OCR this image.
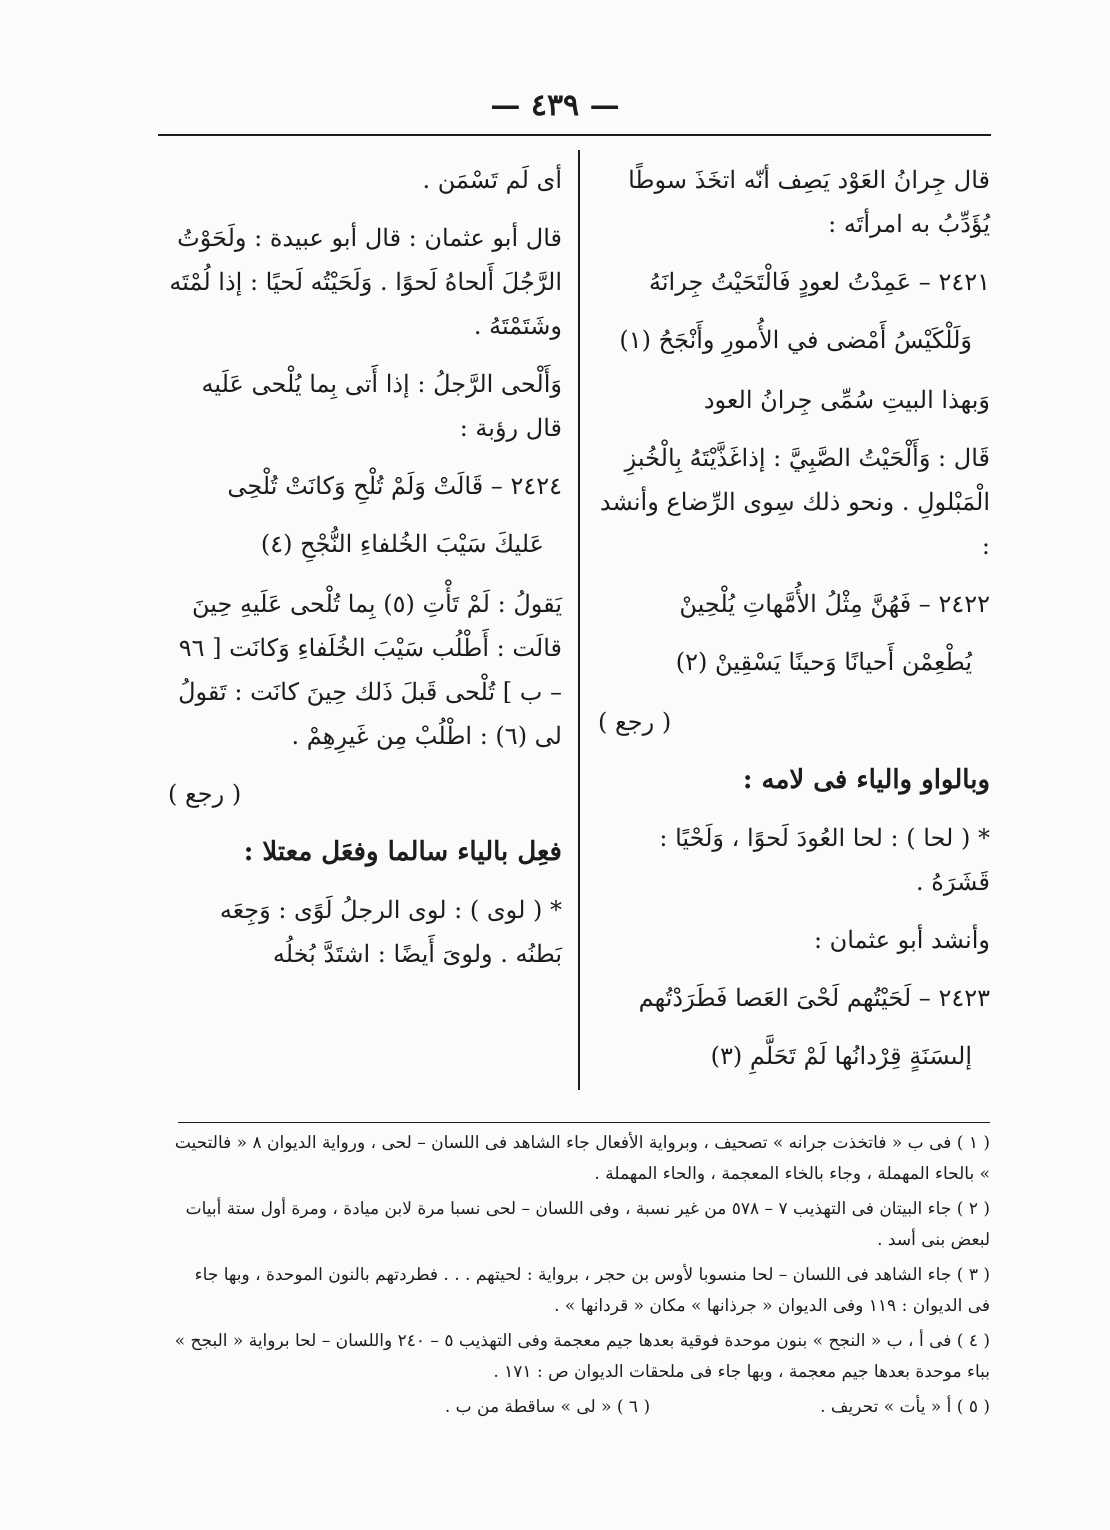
— ٤٣٩ —

قال جِرانُ العَوْد يَصِف أنّه اتخَذَ سوطًا يُؤَدِّبُ به امرأتَه :

٢٤٢١ – عَمِدْتُ لعودٍ فَالْتَحَيْتُ جِرانَهُ

وَلَلْكَيْسُ أَمْضى في الأُمورِ وأَنْجَحُ (١)

وَبهذا البيتِ سُمِّى جِرانُ العود

قَال : وَأَلْحَيْتُ الصَّبِيَّ : إذاغَذَّيْتَهُ بِالْخُبزِ الْمَبْلولِ . ونحو ذلك سِوى الرِّضاع وأنشد :

٢٤٢٢ – فَهُنَّ مِثْلُ الأُمَّهاتِ يُلْحِينْ

يُطْعِمْن أَحيانًا وَحينًا يَسْقِينْ (٢)

( رجع )

وبالواو والياء فى لامه :

* ( لحا ) : لحا العُودَ لَحوًا ، وَلَحْيًا : قَشَرَهُ .

وأنشد أبو عثمان :

٢٤٢٣ – لَحَيْتُهم لَحْىَ العَصا فَطَرَدْتُهم

إلىسَنَةٍ قِرْدانُها لَمْ تَحَلَّمِ (٣)

أى لَم تَسْمَن .

قال أبو عثمان : قال أبو عبيدة : ولَحَوْتُ الرَّجُلَ أَلحاهُ لَحوًا . وَلَحَيْتُه لَحيًا : إذا لُمْتَه وشَتَمْتَهُ .

وَأَلْحى الرَّجلُ : إذا أَتى بِما يُلْحى عَلَيه قال رؤبة :

٢٤٢٤ – قَالَتْ وَلَمْ تُلْحِ وَكانَتْ تُلْحِى

عَليكَ سَيْبَ الخُلفاءِ النُّجْحِ (٤)

يَقولُ : لَمْ تَأْتِ (٥) بِما تُلْحى عَلَيهِ حِينَ قالَت : أَطْلُب سَيْبَ الخُلَفاءِ وَكانَت [ ٩٦ – ب ] تُلْحى قَبلَ ذَلك حِينَ كانَت : تَقولُ لى (٦) : اطْلُبْ مِن غَيرِهِمْ .

( رجع )

فعِل بالياء سالما وفعَل معتلا :

* ( لوى ) : لوى الرجلُ لَوًى : وَجِعَه بَطنُه . ولوىَ أَيضًا : اشتَدَّ بُخلُه

( ١ ) فى ب « فاتخذت جرانه » تصحيف ، وبرواية الأفعال جاء الشاهد فى اللسان – لحى ، ورواية الديوان ٨ « فالتحيت » بالحاء المهملة ، وجاء بالخاء المعجمة ، والحاء المهملة .

( ٢ ) جاء البيتان فى التهذيب ٧ – ٥٧٨ من غير نسبة ، وفى اللسان – لحى نسبا مرة لابن ميادة ، ومرة أول ستة أبيات لبعض بنى أسد .

( ٣ ) جاء الشاهد فى اللسان – لحا منسوبا لأوس بن حجر ، برواية : لحيتهم . . . فطردتهم بالنون الموحدة ، وبها جاء فى الديوان : ١١٩ وفى الديوان « جرذانها » مكان « قردانها » .

( ٤ ) فى أ ، ب « النجح » بنون موحدة فوقية بعدها جيم معجمة وفى التهذيب ٥ – ٢٤٠ واللسان – لحا برواية « البجح » بباء موحدة بعدها جيم معجمة ، وبها جاء فى ملحقات الديوان ص : ١٧١ .

( ٥ ) أ « يأت » تحريف .
( ٦ ) « لى » ساقطة من ب .
